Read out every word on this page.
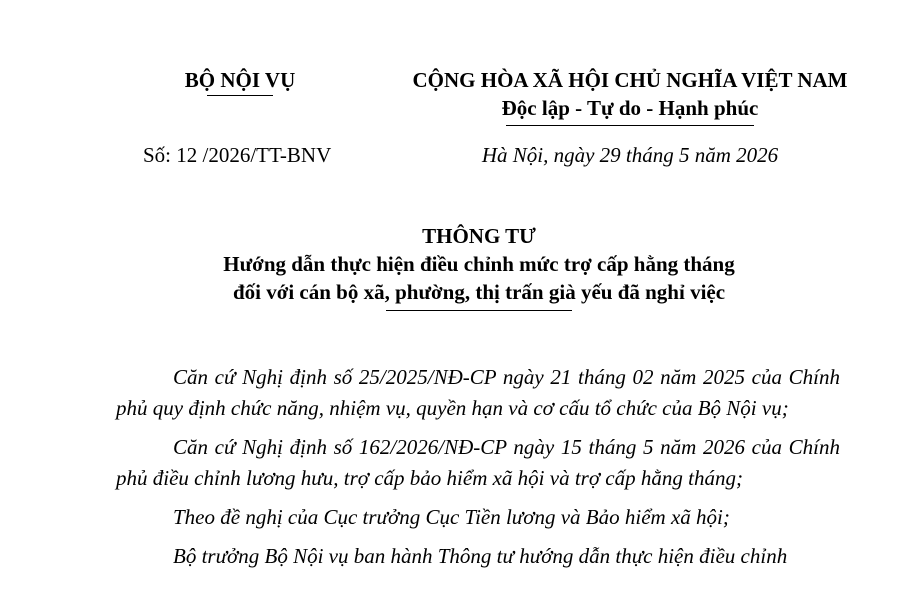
BỘ NỘI VỤ	CỘNG HÒA XÃ HỘI CHỦ NGHĨA VIỆT NAM
Độc lập - Tự do - Hạnh phúc
Số: 12 /2026/TT-BNV	Hà Nội, ngày 29 tháng 5 năm 2026
THÔNG TƯ
Hướng dẫn thực hiện điều chỉnh mức trợ cấp hằng tháng
đối với cán bộ xã, phường, thị trấn già yếu đã nghỉ việc

Căn cứ Nghị định số 25/2025/NĐ-CP ngày 21 tháng 02 năm 2025 của Chính phủ quy định chức năng, nhiệm vụ, quyền hạn và cơ cấu tổ chức của Bộ Nội vụ;

Căn cứ Nghị định số 162/2026/NĐ-CP ngày 15 tháng 5 năm 2026 của Chính phủ điều chỉnh lương hưu, trợ cấp bảo hiểm xã hội và trợ cấp hằng tháng;

Theo đề nghị của Cục trưởng Cục Tiền lương và Bảo hiểm xã hội;

Bộ trưởng Bộ Nội vụ ban hành Thông tư hướng dẫn thực hiện điều chỉnh
